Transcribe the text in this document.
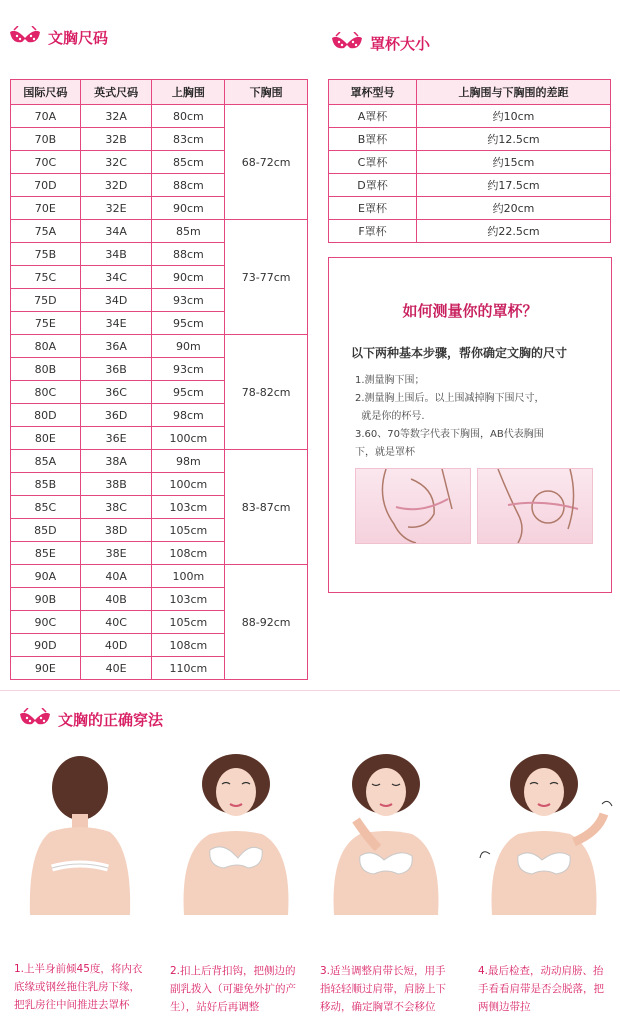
文胸尺码
国际尺码	英式尺码	上胸围	下胸围
70A	32A	80cm	68-72cm
70B	32B	83cm	
70C	32C	85cm	
70D	32D	88cm	
70E	32E	90cm	
75A	34A	85m	73-77cm
75B	34B	88cm	
75C	34C	90cm	
75D	34D	93cm	
75E	34E	95cm	
80A	36A	90m	78-82cm
80B	36B	93cm	
80C	36C	95cm	
80D	36D	98cm	
80E	36E	100cm	
85A	38A	98m	83-87cm
85B	38B	100cm	
85C	38C	103cm	
85D	38D	105cm	
85E	38E	108cm	
90A	40A	100m	88-92cm
90B	40B	103cm	
90C	40C	105cm	
90D	40D	108cm	
90E	40E	110cm	
罩杯大小
罩杯型号	上胸围与下胸围的差距
A罩杯	约10cm
B罩杯	约12.5cm
C罩杯	约15cm
D罩杯	约17.5cm
E罩杯	约20cm
F罩杯	约22.5cm
如何测量你的罩杯？
以下两种基本步骤，帮你确定文胸的尺寸
1.测量胸下围；
2.测量胸上围后。以上围减掉胸下围尺寸，
就是你的杯号.
3.60、70等数字代表下胸围，AB代表胸围
下，就是罩杯
文胸的正确穿法
1.上半身前倾45度，将内衣底缘或钢丝拖住乳房下缘，把乳房往中间推进去罩杯
2.扣上后背扣钩，把侧边的副乳拨入（可避免外扩的产生），站好后再调整
3.适当调整肩带长短，用手指轻轻顺过肩带，肩膀上下移动，确定胸罩不会移位
4.最后检查，动动肩膀、抬手看看肩带是否会脱落，把两侧边带拉
